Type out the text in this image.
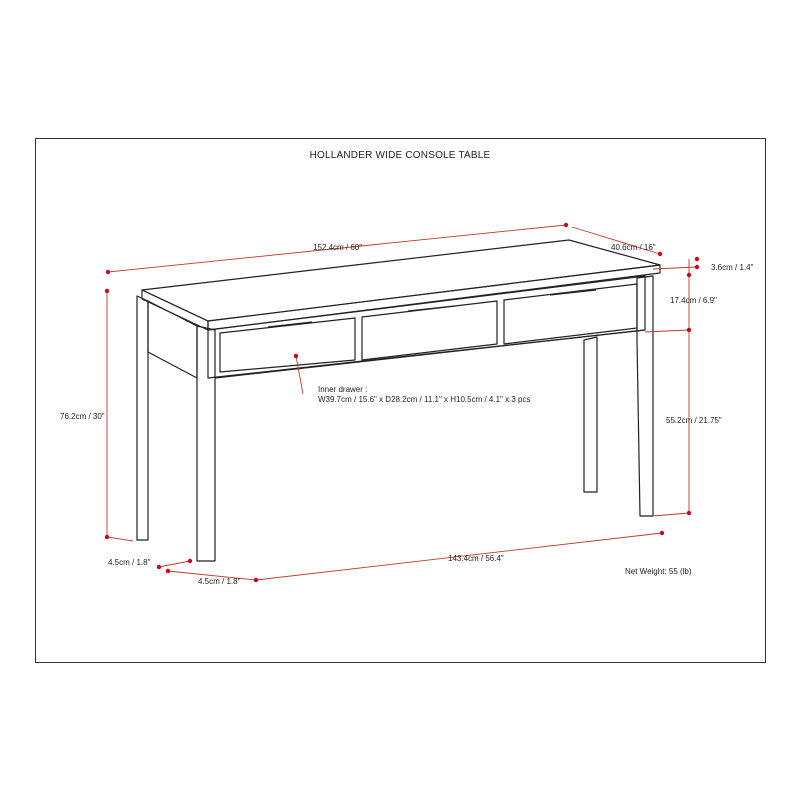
HOLLANDER WIDE CONSOLE TABLE
152.4cm / 60"	40.6cm / 16"
3.6cm / 1.4"
17.4cm / 6.9"
55.2cm / 21.75"
76.2cm / 30"
4.5cm / 1.8"
4.5cm / 1.8"
143.4cm / 56.4"
Inner drawer :
W39.7cm / 15.6" x D28.2cm / 11.1" x H10.5cm / 4.1" x 3 pcs
Net Weight: 55 (lb)
